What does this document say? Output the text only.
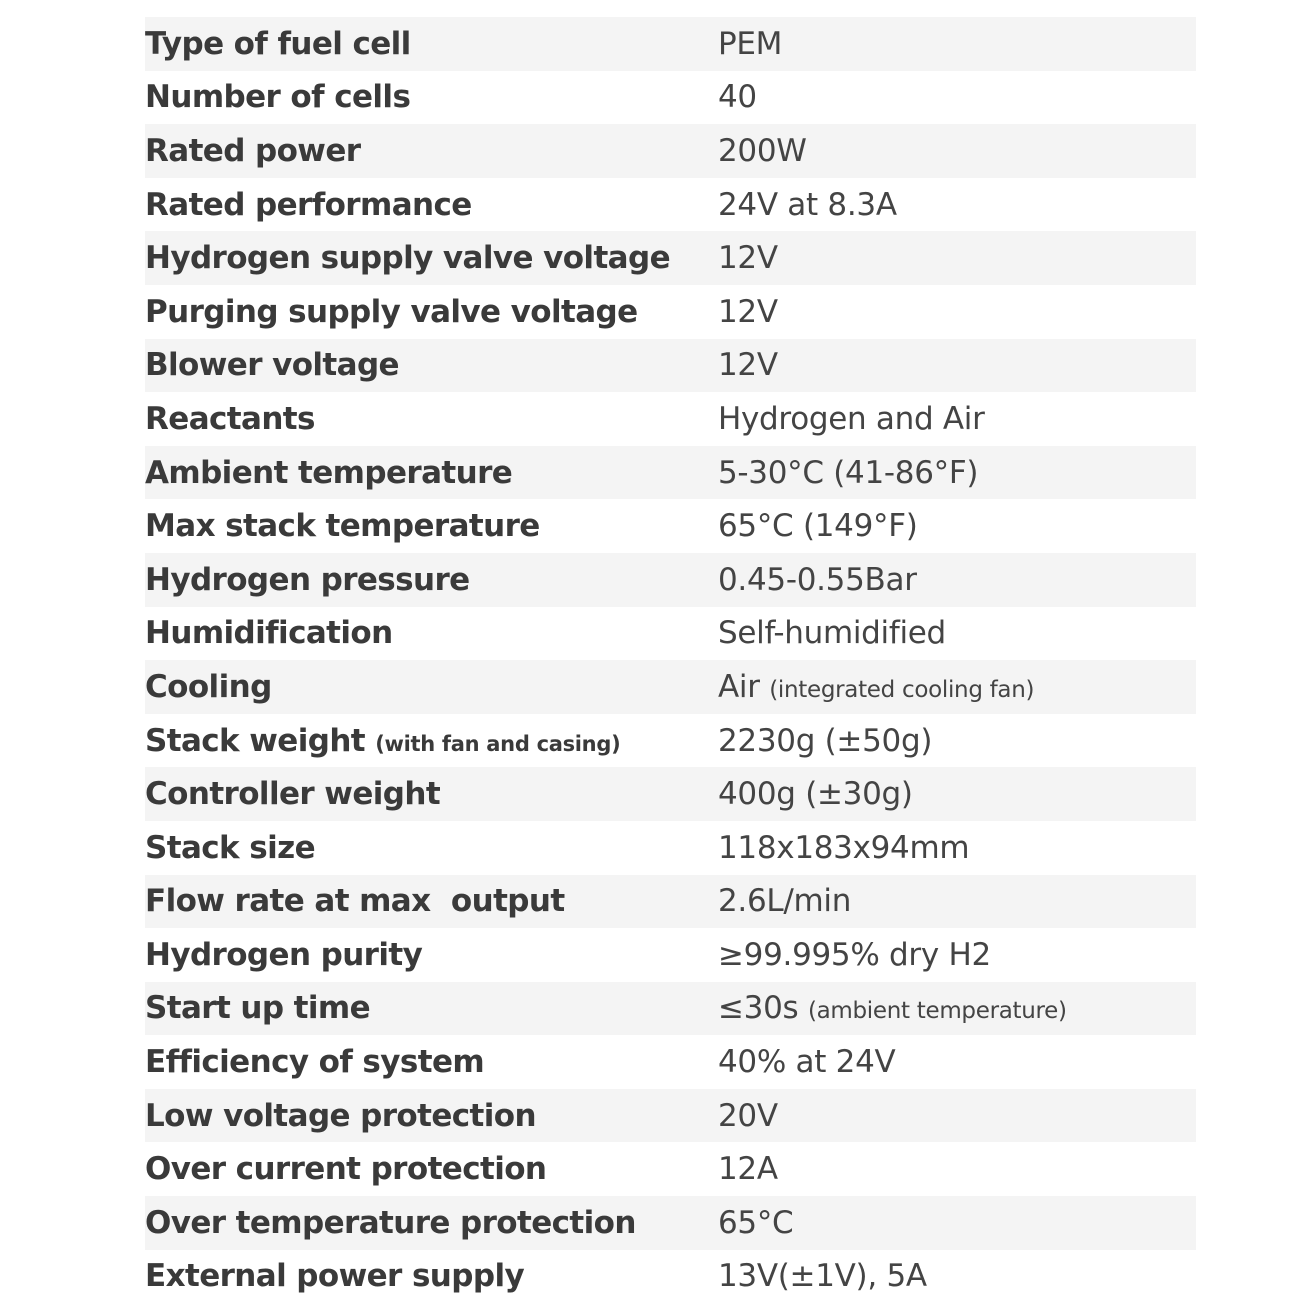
Type of fuel cell	PEM
Number of cells	40
Rated power	200W
Rated performance	24V at 8.3A
Hydrogen supply valve voltage	12V
Purging supply valve voltage	12V
Blower voltage	12V
Reactants	Hydrogen and Air
Ambient temperature	5-30°C (41-86°F)
Max stack temperature	65°C (149°F)
Hydrogen pressure	0.45-0.55Bar
Humidification	Self-humidified
Cooling	Air (integrated cooling fan)
Stack weight (with fan and casing)	2230g (±50g)
Controller weight	400g (±30g)
Stack size	118x183x94mm
Flow rate at max  output	2.6L/min
Hydrogen purity	≥99.995% dry H2
Start up time	≤30s (ambient temperature)
Efficiency of system	40% at 24V
Low voltage protection	20V
Over current protection	12A
Over temperature protection	65°C
External power supply	13V(±1V), 5A
